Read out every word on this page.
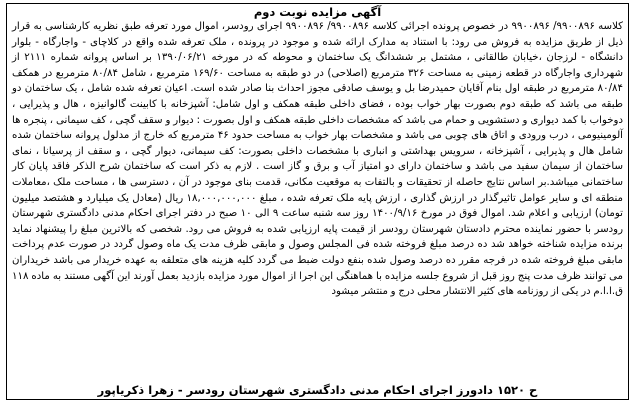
آگهی مزایده نوبت دوم

کلاسه ۹۹۰۰۸۹۶/ ۹۹۰۰۸۹۶ در خصوص پرونده اجرائی کلاسه ۹۹۰۰۸۹۶/ ۹۹۰۰۸۹۶ اجرای رودسر، اموال مورد تعرفه طبق نظریه کارشناسی به قرار ذیل از طریق مزایده به فروش می رود: با استناد به مدارک ارائه شده و موجود در پرونده ، ملک تعرفه شده واقع در کلاچای - واجارگاه - بلوار دانشگاه - لرزجان ،خیابان طالقانی ، مشتمل بر ششدانگ یک ساختمان و محوطه که در مورخه ۱۳۹۰/۰۶/۲۱ بر اساس پروانه شماره ۲۱۱۱ از شهرداری واجارگاه در قطعه زمینی به مساحت ۳۲۶ مترمربع (اصلاحی) در دو طبقه به مساحت ۱۶۹/۶۰ مترمربع ، شامل ۸۰/۸۴ مترمربع در همکف ۸۰/۸۴ مترمربع در طبقه اول بنام آقایان حمیدرضا بل و یوسف صادقی مجوز احداث بنا صادر شده است. اعیان تعرفه شده شامل ، یک ساختمان دو طبقه می باشد که طبقه دوم بصورت بهار خواب بوده ، فضای داخلی طبقه همکف و اول شامل: آشپزخانه با کابینت گالوانیزه ، هال و پذیرایی ، دوخواب با کمد دیواری و دستشویی و حمام می باشد که مشخصات داخلی طبقه همکف و اول بصورت : دیوار و سقف گچی ، کف سیمانی ، پنجره ها آلومینیومی ، درب ورودی و اتاق های چوبی می باشد و مشخصات بهار خواب به مساحت حدود ۴۶ مترمربع که خارج از مدلول پروانه ساختمان شده شامل هال و پذیرایی ، آشپزخانه ، سرویس بهداشتی و انباری با مشخصات داخلی بصورت: کف سیمانی، دیوار گچی ، و سقف از پرسیانا ، نمای ساختمان از سیمان سفید می باشد و ساختمان دارای دو امتیاز آب و برق و گاز است . لازم به ذکر است که ساختمان شرح الذکر فاقد پایان کار ساختمانی میباشد.بر اساس نتایج حاصله از تحقیقات و بالتفات به موقعیت مکانی، قدمت بنای موجود در آن ، دسترسی ها ، مساحت ملک ،معاملات منطقه ای و سایر عوامل تاثیرگذار در ارزش گذاری ، ارزش پایه ملک تعرفه شده ، مبلغ ۱۸,۰۰۰,۰۰۰,۰۰۰ ریال (معادل یک میلیارد و هشتصد میلیون تومان) ارزیابی و اعلام شد. اموال فوق در مورخ ۱۴۰۰/۹/۱۶ روز سه شنبه ساعت ۹ الی ۱۰ صبح در دفتر اجرای احکام مدنی دادگستری شهرستان رودسر با حضور نماینده محترم دادستان شهرستان رودسر از قیمت پایه ارزیابی شده به فروش می رود. شخصی که بالاترین مبلغ را پیشنهاد نماید برنده مزایده شناخته خواهد شد ده درصد مبلغ فروخته شده فی المجلس وصول و مابقی ظرف مدت یک ماه وصول گردد در صورت عدم پرداخت مابقی مبلغ فروخته شده در فرجه مقرر ده درصد وصول شده بنفع دولت ضبط می گردد کلیه هزینه های متعلقه به عهده خریدار می باشد خریداران می توانند ظرف مدت پنج روز قبل از شروع جلسه مزایده با هماهنگی این اجرا از اموال مورد مزایده بازدید بعمل آورند این آگهی مستند به ماده ۱۱۸ ق.ا.ا.م در یکی از روزنامه های کثیر الانتشار محلی درج و منتشر میشود

ح ۱۵۲۰ دادورز اجرای احکام مدنی دادگستری شهرستان رودسر - زهرا ذکریاپور
